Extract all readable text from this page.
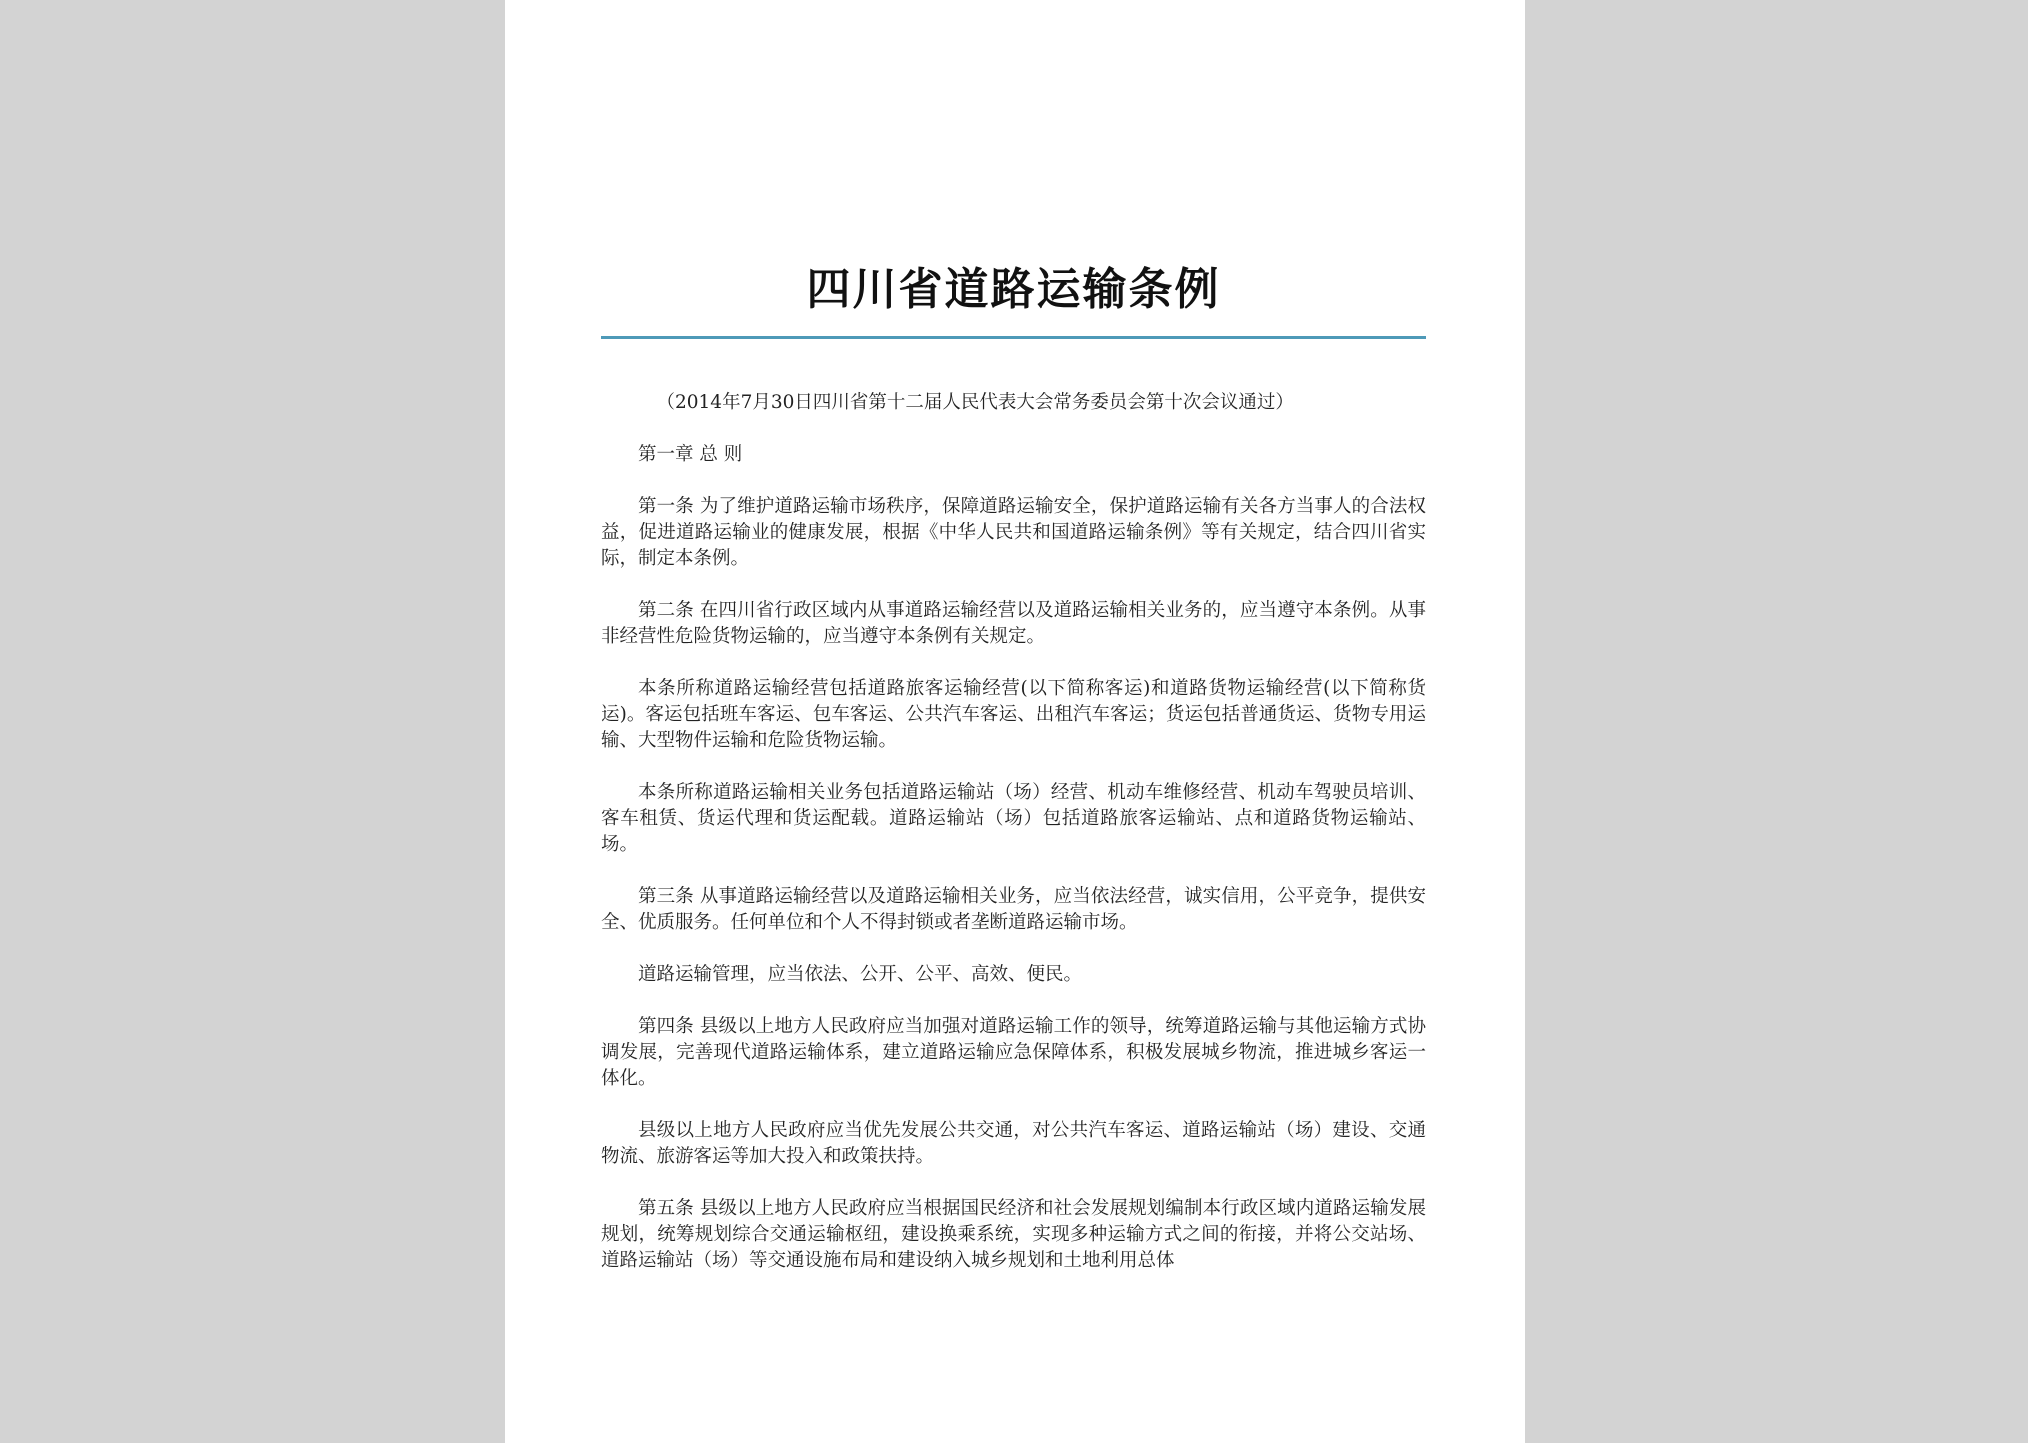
四川省道路运输条例

（2014年7月30日四川省第十二届人民代表大会常务委员会第十次会议通过）

第一章 总 则

第一条 为了维护道路运输市场秩序，保障道路运输安全，保护道路运输有关各方当事人的合法权益，促进道路运输业的健康发展，根据《中华人民共和国道路运输条例》等有关规定，结合四川省实际，制定本条例。

第二条 在四川省行政区域内从事道路运输经营以及道路运输相关业务的，应当遵守本条例。从事非经营性危险货物运输的，应当遵守本条例有关规定。

本条所称道路运输经营包括道路旅客运输经营(以下简称客运)和道路货物运输经营(以下简称货运)。客运包括班车客运、包车客运、公共汽车客运、出租汽车客运；货运包括普通货运、货物专用运输、大型物件运输和危险货物运输。

本条所称道路运输相关业务包括道路运输站（场）经营、机动车维修经营、机动车驾驶员培训、客车租赁、货运代理和货运配载。道路运输站（场）包括道路旅客运输站、点和道路货物运输站、场。

第三条 从事道路运输经营以及道路运输相关业务，应当依法经营，诚实信用，公平竞争，提供安全、优质服务。任何单位和个人不得封锁或者垄断道路运输市场。

道路运输管理，应当依法、公开、公平、高效、便民。

第四条 县级以上地方人民政府应当加强对道路运输工作的领导，统筹道路运输与其他运输方式协调发展，完善现代道路运输体系，建立道路运输应急保障体系，积极发展城乡物流，推进城乡客运一体化。

县级以上地方人民政府应当优先发展公共交通，对公共汽车客运、道路运输站（场）建设、交通物流、旅游客运等加大投入和政策扶持。

第五条 县级以上地方人民政府应当根据国民经济和社会发展规划编制本行政区域内道路运输发展规划，统筹规划综合交通运输枢纽，建设换乘系统，实现多种运输方式之间的衔接，并将公交站场、道路运输站（场）等交通设施布局和建设纳入城乡规划和土地利用总体
